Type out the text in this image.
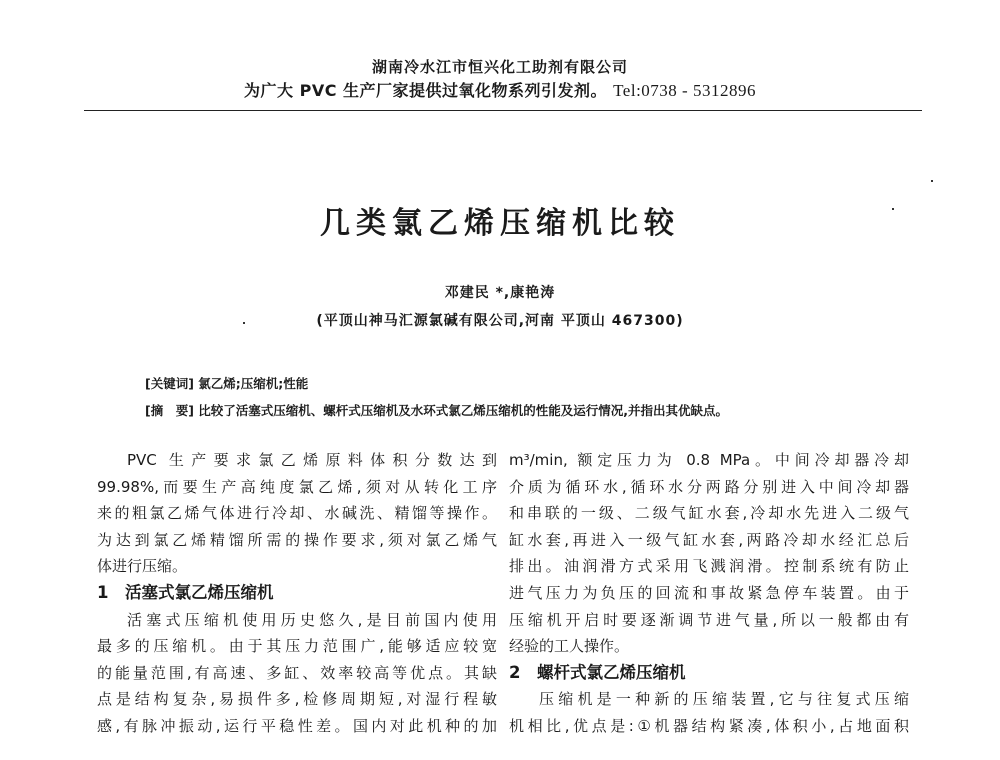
湖南冷水江市恒兴化工助剂有限公司
为广大 PVC 生产厂家提供过氧化物系列引发剂。 Tel:0738 - 5312896
几类氯乙烯压缩机比较
邓建民 *,康艳涛
(平顶山神马汇源氯碱有限公司,河南 平顶山 467300)
[关键词] 氯乙烯;压缩机;性能
[摘　要] 比较了活塞式压缩机、螺杆式压缩机及水环式氯乙烯压缩机的性能及运行情况,并指出其优缺点。
PVC 生产要求氯乙烯原料体积分数达到
99.98%,而要生产高纯度氯乙烯,须对从转化工序
来的粗氯乙烯气体进行冷却、水碱洗、精馏等操作。
为达到氯乙烯精馏所需的操作要求,须对氯乙烯气
体进行压缩。
1 活塞式氯乙烯压缩机
活塞式压缩机使用历史悠久,是目前国内使用
最多的压缩机。由于其压力范围广,能够适应较宽
的能量范围,有高速、多缸、效率较高等优点。其缺
点是结构复杂,易损件多,检修周期短,对湿行程敏
感,有脉冲振动,运行平稳性差。国内对此机种的加
m³/min, 额定压力为 0.8 MPa。中间冷却器冷却
介质为循环水,循环水分两路分别进入中间冷却器
和串联的一级、二级气缸水套,冷却水先进入二级气
缸水套,再进入一级气缸水套,两路冷却水经汇总后
排出。油润滑方式采用飞溅润滑。控制系统有防止
进气压力为负压的回流和事故紧急停车装置。由于
压缩机开启时要逐渐调节进气量,所以一般都由有
经验的工人操作。
2 螺杆式氯乙烯压缩机
压缩机是一种新的压缩装置,它与往复式压缩
机相比,优点是:①机器结构紧凑,体积小,占地面积
